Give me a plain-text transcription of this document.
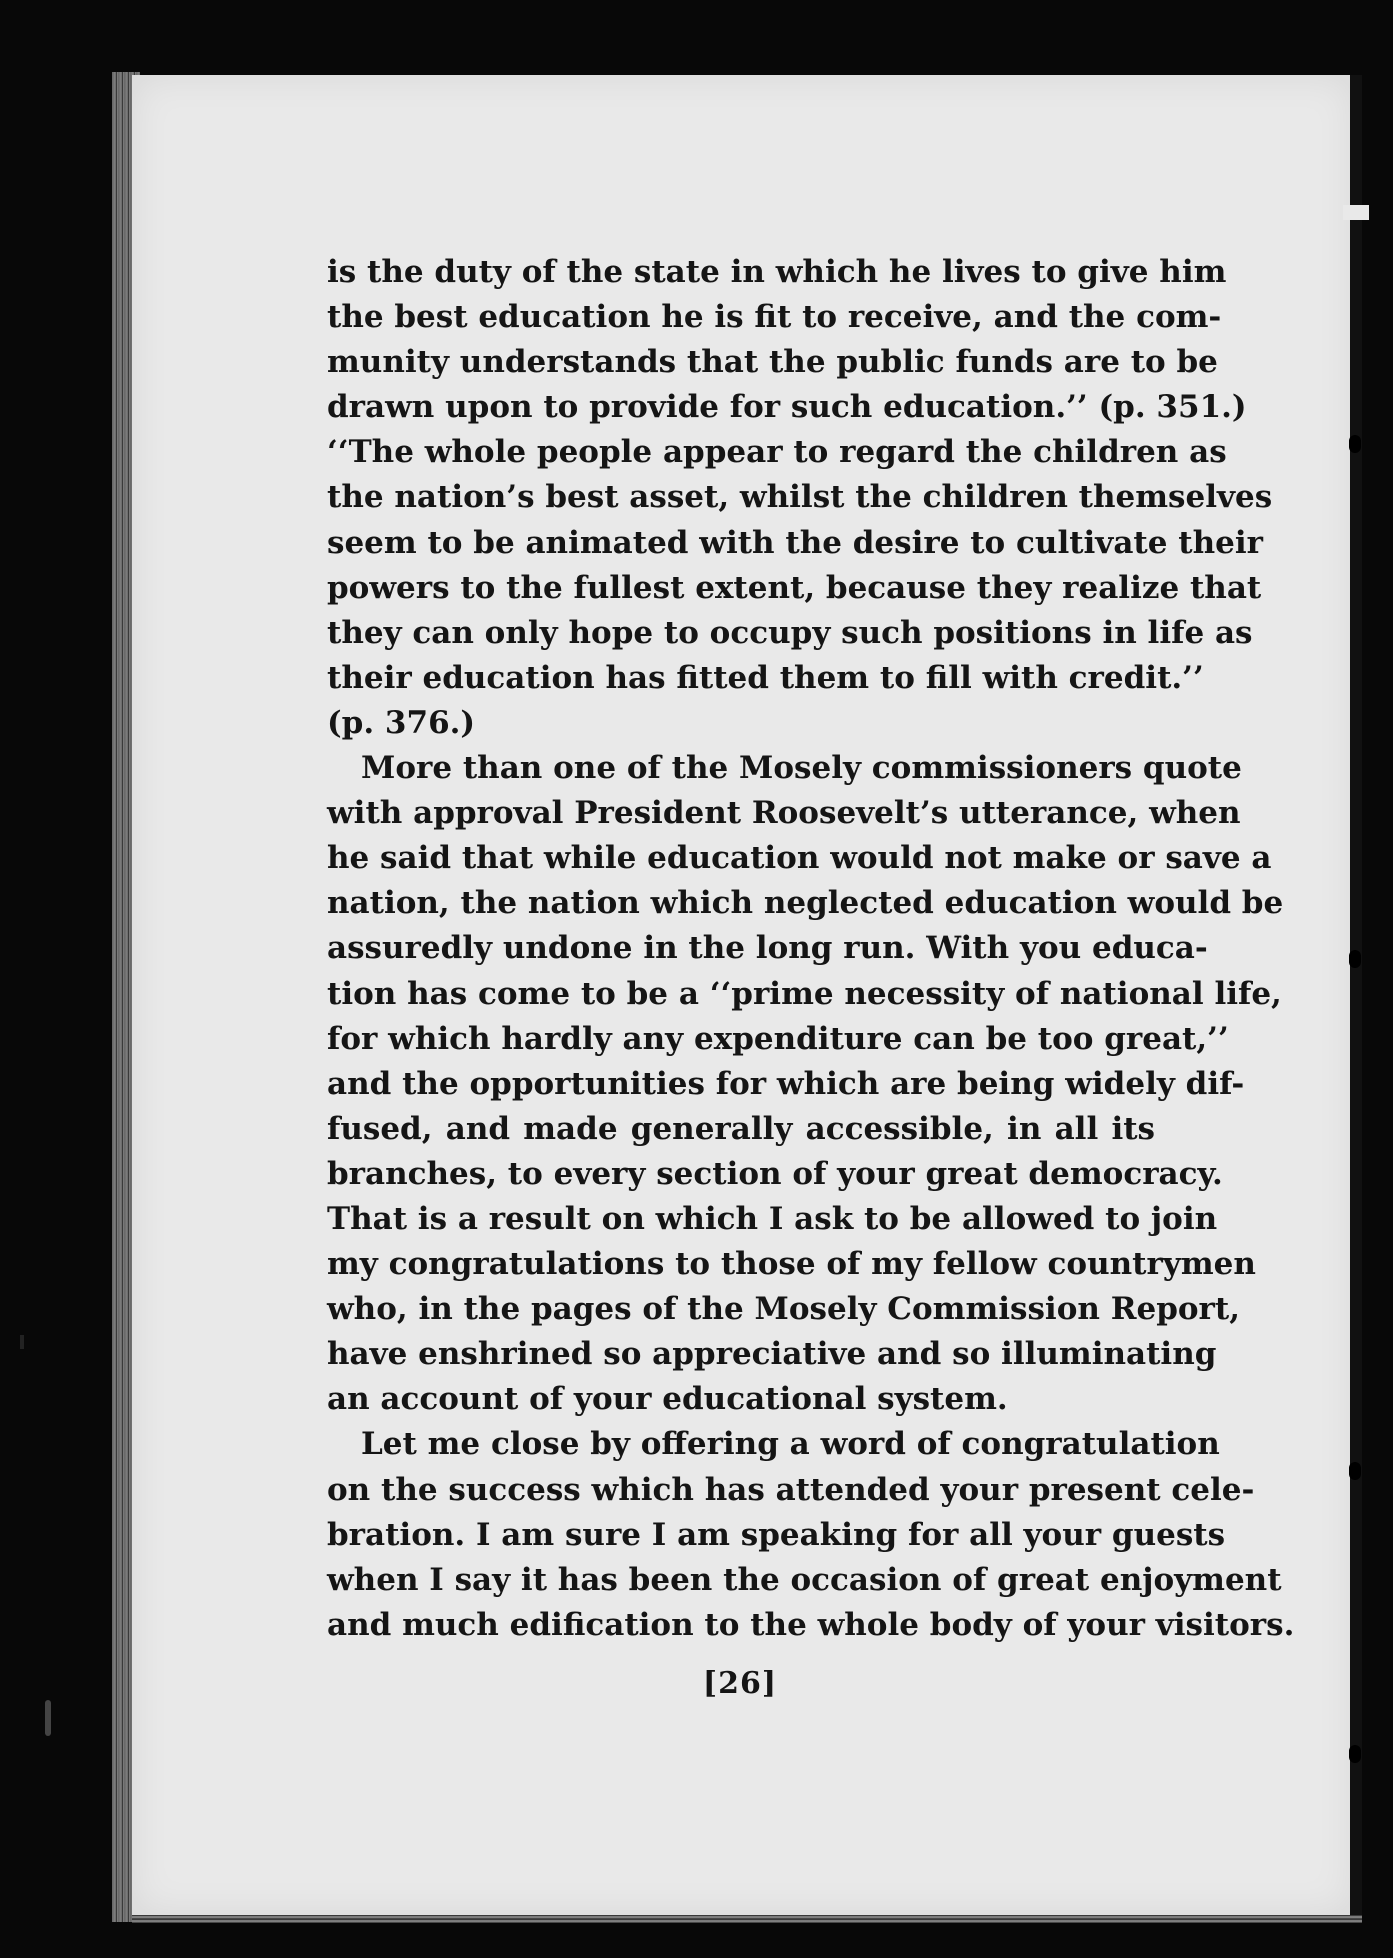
is the duty of the state in which he lives to give him
the best education he is fit to receive, and the com-
munity understands that the public funds are to be
drawn upon to provide for such education.’’ (p. 351.)
‘‘The whole people appear to regard the children as
the nation’s best asset, whilst the children themselves
seem to be animated with the desire to cultivate their
powers to the fullest extent, because they realize that
they can only hope to occupy such positions in life as
their education has fitted them to fill with credit.’’
(p. 376.)
More than one of the Mosely commissioners quote
with approval President Roosevelt’s utterance, when
he said that while education would not make or save a
nation, the nation which neglected education would be
assuredly undone in the long run. With you educa-
tion has come to be a ‘‘prime necessity of national life,
for which hardly any expenditure can be too great,’’
and the opportunities for which are being widely dif-
fused, and made generally accessible, in all its
branches, to every section of your great democracy.
That is a result on which I ask to be allowed to join
my congratulations to those of my fellow countrymen
who, in the pages of the Mosely Commission Report,
have enshrined so appreciative and so illuminating
an account of your educational system.
Let me close by offering a word of congratulation
on the success which has attended your present cele-
bration. I am sure I am speaking for all your guests
when I say it has been the occasion of great enjoyment
and much edification to the whole body of your visitors.
[26]
